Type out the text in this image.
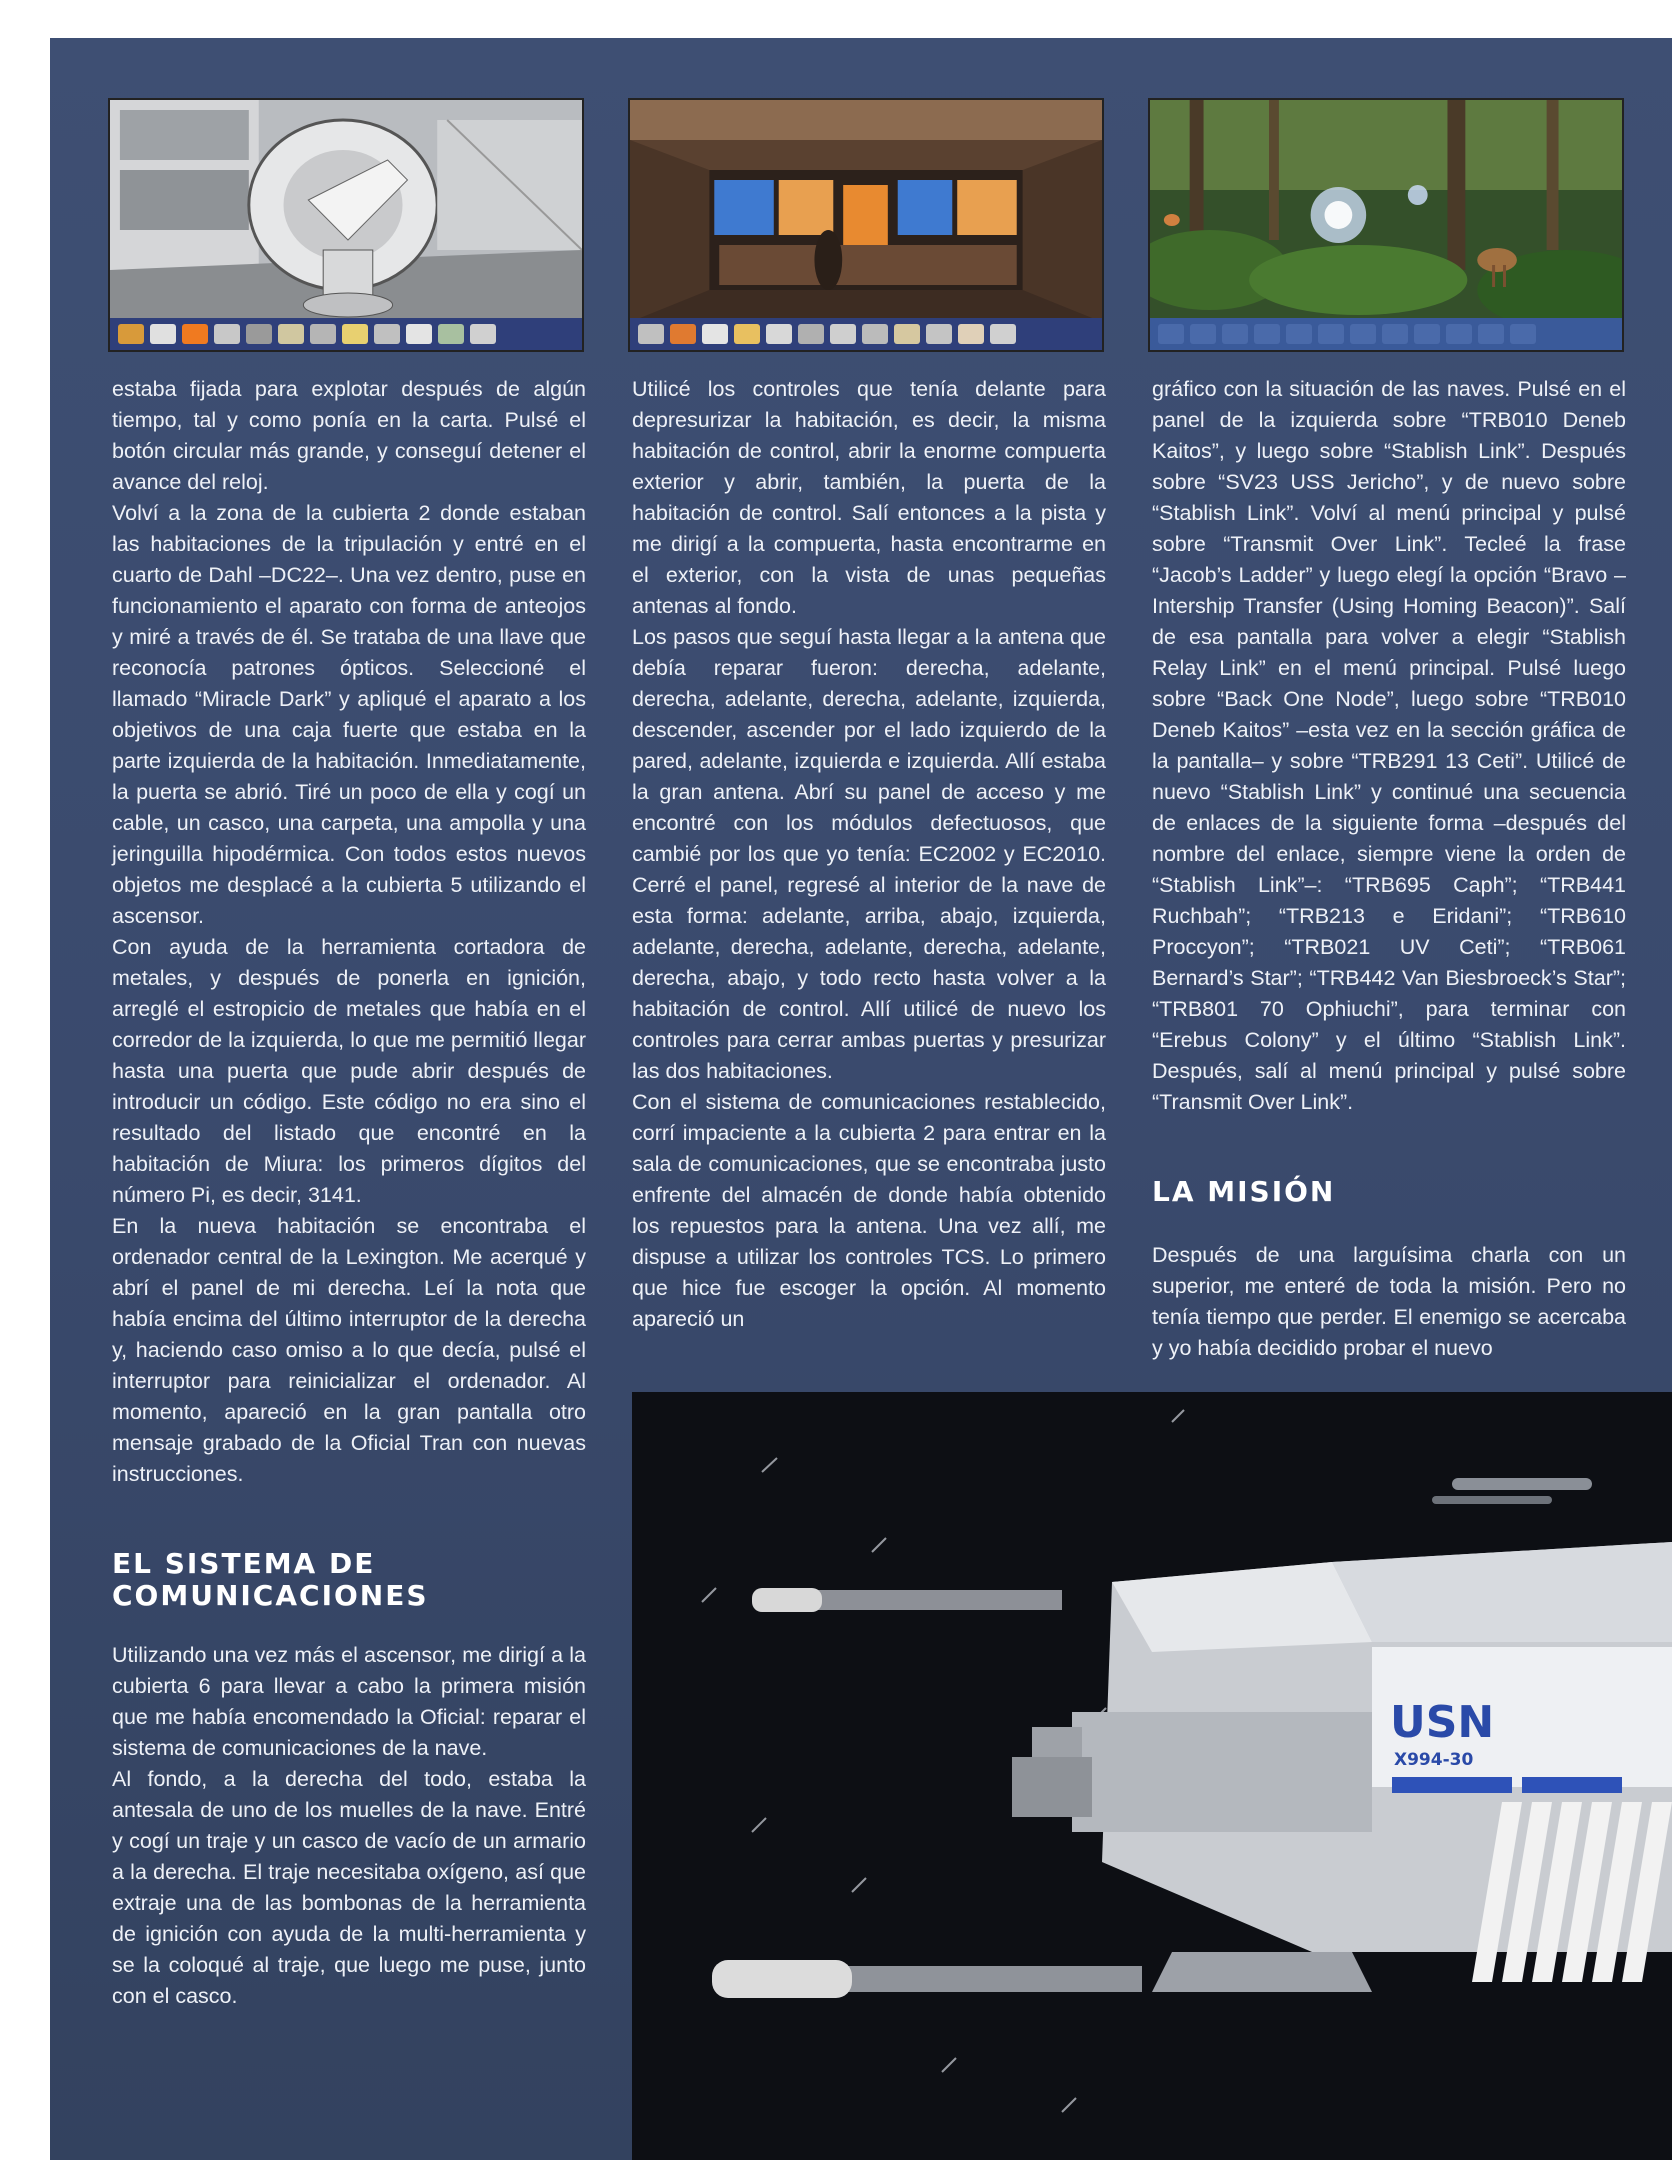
estaba fijada para explotar después de algún tiempo, tal y como ponía en la carta. Pulsé el botón circular más grande, y conseguí detener el avance del reloj.

Volví a la zona de la cubierta 2 donde estaban las habitaciones de la tripulación y entré en el cuarto de Dahl –DC22–. Una vez dentro, puse en funcionamiento el aparato con forma de anteojos y miré a través de él. Se trataba de una llave que reconocía patrones ópticos. Seleccioné el llamado “Miracle Dark” y apliqué el aparato a los objetivos de una caja fuerte que estaba en la parte izquierda de la habitación. Inmediatamente, la puerta se abrió. Tiré un poco de ella y cogí un cable, un casco, una carpeta, una ampolla y una jeringuilla hipodérmica. Con todos estos nuevos objetos me desplacé a la cubierta 5 utilizando el ascensor.

Con ayuda de la herramienta cortadora de metales, y después de ponerla en ignición, arreglé el estropicio de metales que había en el corredor de la izquierda, lo que me permitió llegar hasta una puerta que pude abrir después de introducir un código. Este código no era sino el resultado del listado que encontré en la habitación de Miura: los primeros dígitos del número Pi, es decir, 3141.

En la nueva habitación se encontraba el ordenador central de la Lexington. Me acerqué y abrí el panel de mi derecha. Leí la nota que había encima del último interruptor de la derecha y, haciendo caso omiso a lo que decía, pulsé el interruptor para reinicializar el ordenador. Al momento, apareció en la gran pantalla otro mensaje grabado de la Oficial Tran con nuevas instrucciones.

EL SISTEMA DE
COMUNICACIONES

Utilizando una vez más el ascensor, me dirigí a la cubierta 6 para llevar a cabo la primera misión que me había encomendado la Oficial: reparar el sistema de comunicaciones de la nave.

Al fondo, a la derecha del todo, estaba la antesala de uno de los muelles de la nave. Entré y cogí un traje y un casco de vacío de un armario a la derecha. El traje necesitaba oxígeno, así que extraje una de las bombonas de la herramienta de ignición con ayuda de la multi-herramienta y se la coloqué al traje, que luego me puse, junto con el casco.

Utilicé los controles que tenía delante para depresurizar la habitación, es decir, la misma habitación de control, abrir la enorme compuerta exterior y abrir, también, la puerta de la habitación de control. Salí entonces a la pista y me dirigí a la compuerta, hasta encontrarme en el exterior, con la vista de unas pequeñas antenas al fondo.

Los pasos que seguí hasta llegar a la antena que debía reparar fueron: derecha, adelante, derecha, adelante, derecha, adelante, izquierda, descender, ascender por el lado izquierdo de la pared, adelante, izquierda e izquierda. Allí estaba la gran antena. Abrí su panel de acceso y me encontré con los módulos defectuosos, que cambié por los que yo tenía: EC2002 y EC2010. Cerré el panel, regresé al interior de la nave de esta forma: adelante, arriba, abajo, izquierda, adelante, derecha, adelante, derecha, adelante, derecha, abajo, y todo recto hasta volver a la habitación de control. Allí utilicé de nuevo los controles para cerrar ambas puertas y presurizar las dos habitaciones.

Con el sistema de comunicaciones restablecido, corrí impaciente a la cubierta 2 para entrar en la sala de comunicaciones, que se encontraba justo enfrente del almacén de donde había obtenido los repuestos para la antena. Una vez allí, me dispuse a utilizar los controles TCS. Lo primero que hice fue escoger la opción. Al momento apareció un

gráfico con la situación de las naves. Pulsé en el panel de la izquierda sobre “TRB010 Deneb Kaitos”, y luego sobre “Stablish Link”. Después sobre “SV23 USS Jericho”, y de nuevo sobre “Stablish Link”. Volví al menú principal y pulsé sobre “Transmit Over Link”. Tecleé la frase “Jacob’s Ladder” y luego elegí la opción “Bravo – Intership Transfer (Using Homing Beacon)”. Salí de esa pantalla para volver a elegir “Stablish Relay Link” en el menú principal. Pulsé luego sobre “Back One Node”, luego sobre “TRB010 Deneb Kaitos” –esta vez en la sección gráfica de la pantalla– y sobre “TRB291 13 Ceti”. Utilicé de nuevo “Stablish Link” y continué una secuencia de enlaces de la siguiente forma –después del nombre del enlace, siempre viene la orden de “Stablish Link”–: “TRB695 Caph”; “TRB441 Ruchbah”; “TRB213 e Eridani”; “TRB610 Proccyon”; “TRB021 UV Ceti”; “TRB061 Bernard’s Star”; “TRB442 Van Biesbroeck’s Star”; “TRB801 70 Ophiuchi”, para terminar con “Erebus Colony” y el último “Stablish Link”. Después, salí al menú principal y pulsé sobre “Transmit Over Link”.

LA MISIÓN

Después de una larguísima charla con un superior, me enteré de toda la misión. Pero no tenía tiempo que perder. El enemigo se acercaba y yo había decidido probar el nuevo

USN
X994-30
